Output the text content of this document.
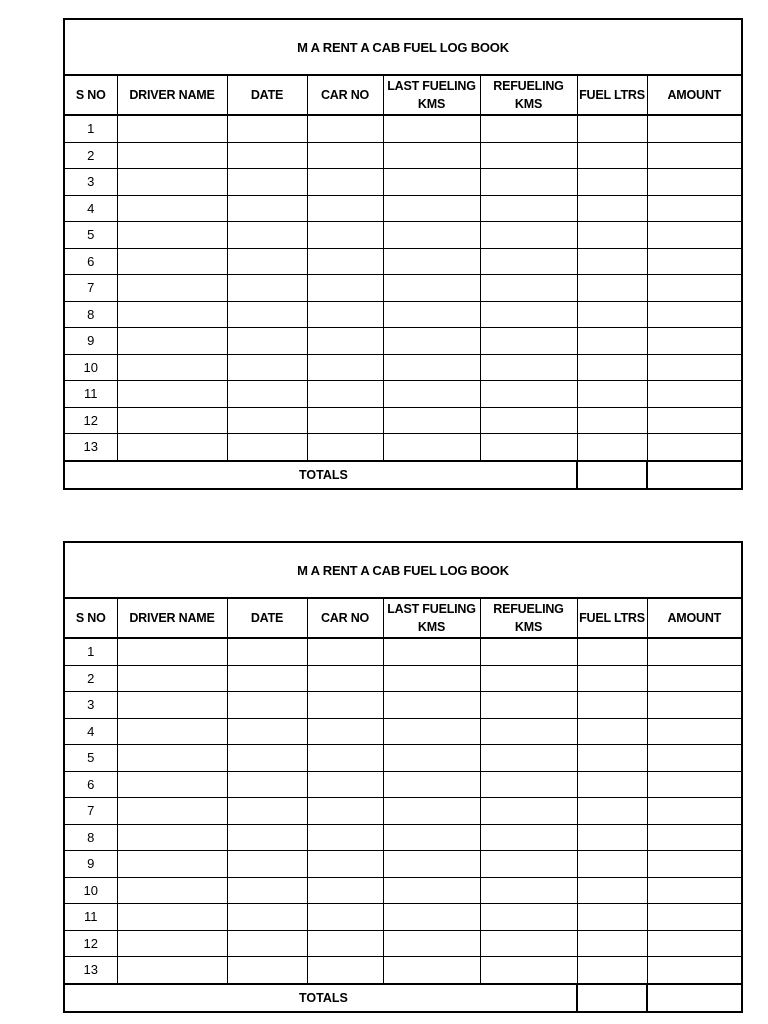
M A RENT A CAB FUEL LOG BOOK							
S NO	DRIVER NAME	DATE	CAR NO	LAST FUELING KMS	REFUELING KMS	FUEL LTRS	AMOUNT
1							
2							
3							
4							
5							
6							
7							
8							
9							
10							
11							
12							
13							
TOTALS							
M A RENT A CAB FUEL LOG BOOK							
S NO	DRIVER NAME	DATE	CAR NO	LAST FUELING KMS	REFUELING KMS	FUEL LTRS	AMOUNT
1							
2							
3							
4							
5							
6							
7							
8							
9							
10							
11							
12							
13							
TOTALS							
